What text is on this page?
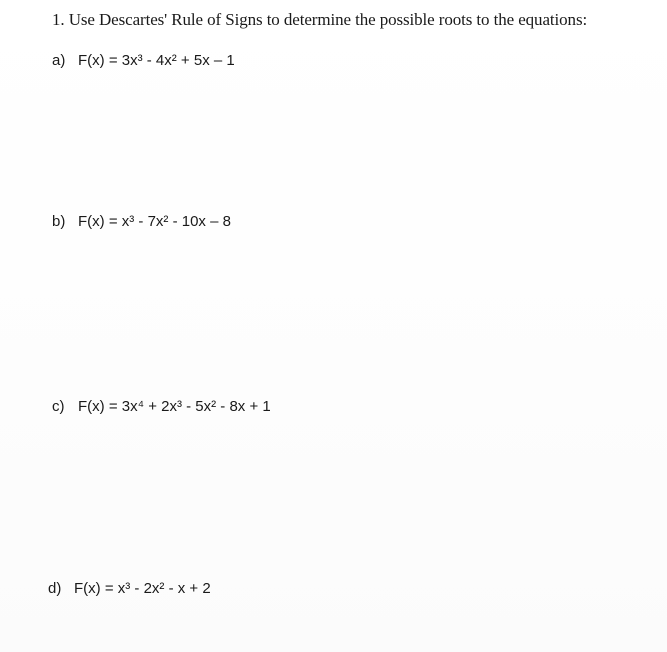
1. Use Descartes' Rule of Signs to determine the possible roots to the equations:
a) F(x) = 3x³ - 4x² + 5x – 1
b) F(x) = x³ - 7x² - 10x – 8
c) F(x) = 3x⁴ + 2x³ - 5x² - 8x + 1
d) F(x) = x³ - 2x² - x + 2
